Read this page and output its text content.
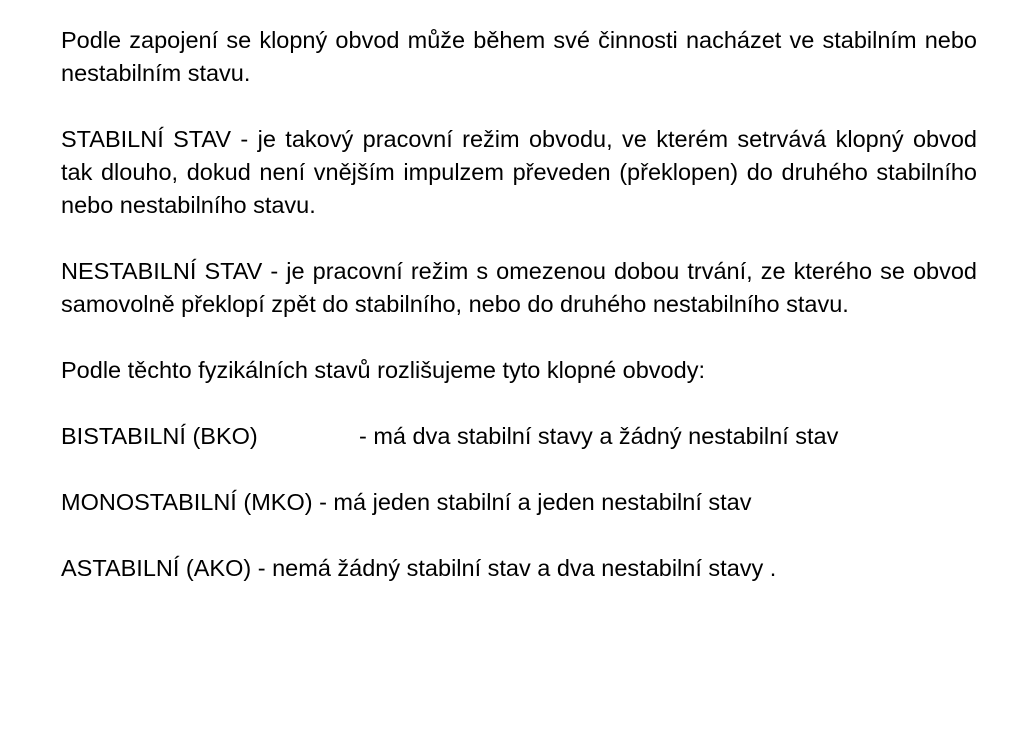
Podle zapojení se klopný obvod může během své činnosti nacházet ve stabilním nebo nestabilním stavu.

STABILNÍ STAV - je takový pracovní režim obvodu, ve kterém setrvává klopný obvod tak dlouho, dokud není vnějším impulzem převeden (překlopen) do druhého stabilního nebo nestabilního stavu.

NESTABILNÍ STAV - je pracovní režim s omezenou dobou trvání, ze kterého se obvod samovolně překlopí zpět do stabilního, nebo do druhého nestabilního stavu.

Podle těchto fyzikálních stavů rozlišujeme tyto klopné obvody:

BISTABILNÍ (BKO)	- má dva stabilní stavy a žádný nestabilní stav

MONOSTABILNÍ (MKO) - má jeden stabilní a jeden nestabilní stav

ASTABILNÍ (AKO) - nemá žádný stabilní stav a dva nestabilní stavy .
